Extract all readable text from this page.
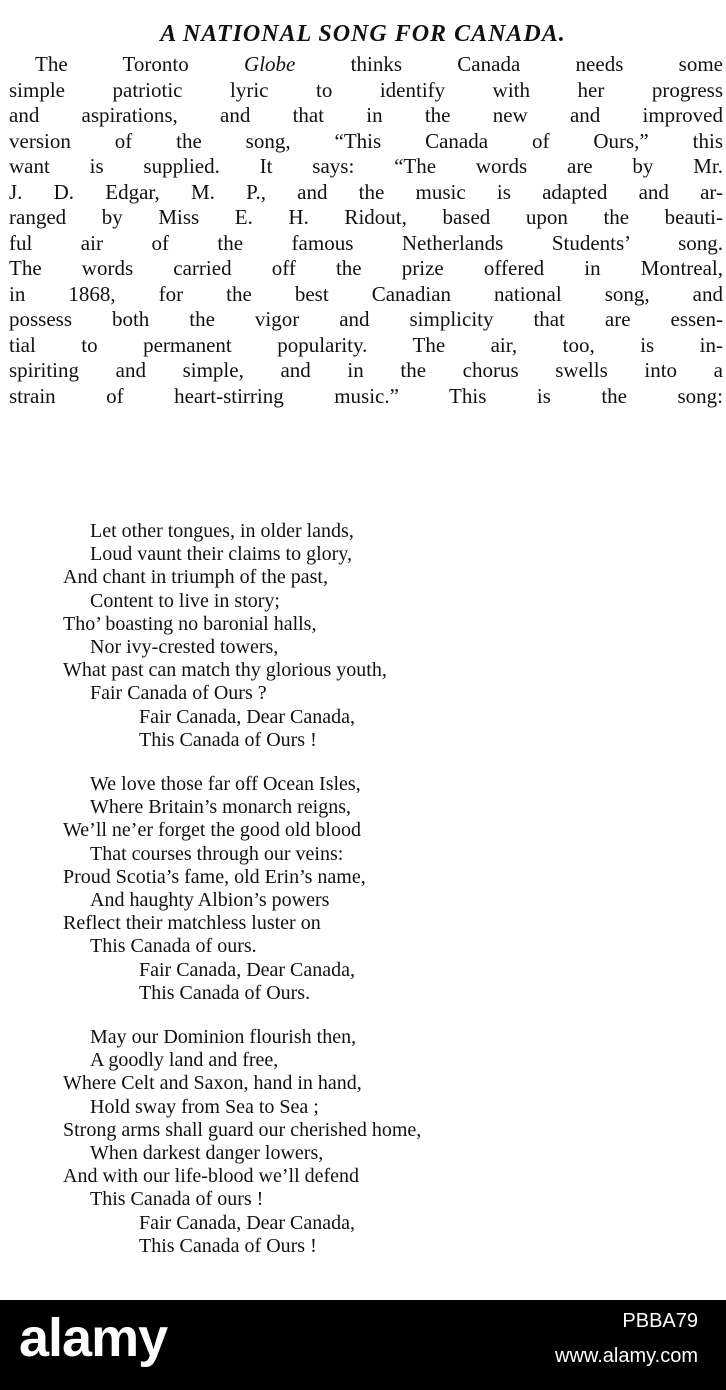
A NATIONAL SONG FOR CANADA.
The Toronto Globe thinks Canada needs some
simple patriotic lyric to identify with her progress
and aspirations, and that in the new and improved
version of the song, “This Canada of Ours,” this
want is supplied. It says: “The words are by Mr.
J. D. Edgar, M. P., and the music is adapted and ar-
ranged by Miss E. H. Ridout, based upon the beauti-
ful air of the famous Netherlands Students’ song.
The words carried off the prize offered in Montreal,
in 1868, for the best Canadian national song, and
possess both the vigor and simplicity that are essen-
tial to permanent popularity. The air, too, is in-
spiriting and simple, and in the chorus swells into a
strain of heart-stirring music.” This is the song:
Let other tongues, in older lands,
Loud vaunt their claims to glory,
And chant in triumph of the past,
Content to live in story;
Tho’ boasting no baronial halls,
Nor ivy-crested towers,
What past can match thy glorious youth,
Fair Canada of Ours ?
Fair Canada, Dear Canada,
This Canada of Ours !
We love those far off Ocean Isles,
Where Britain’s monarch reigns,
We’ll ne’er forget the good old blood
That courses through our veins:
Proud Scotia’s fame, old Erin’s name,
And haughty Albion’s powers
Reflect their matchless luster on
This Canada of ours.
Fair Canada, Dear Canada,
This Canada of Ours.
May our Dominion flourish then,
A goodly land and free,
Where Celt and Saxon, hand in hand,
Hold sway from Sea to Sea ;
Strong arms shall guard our cherished home,
When darkest danger lowers,
And with our life-blood we’ll defend
This Canada of ours !
Fair Canada, Dear Canada,
This Canada of Ours !
alamy	PBBA79
www.alamy.com
